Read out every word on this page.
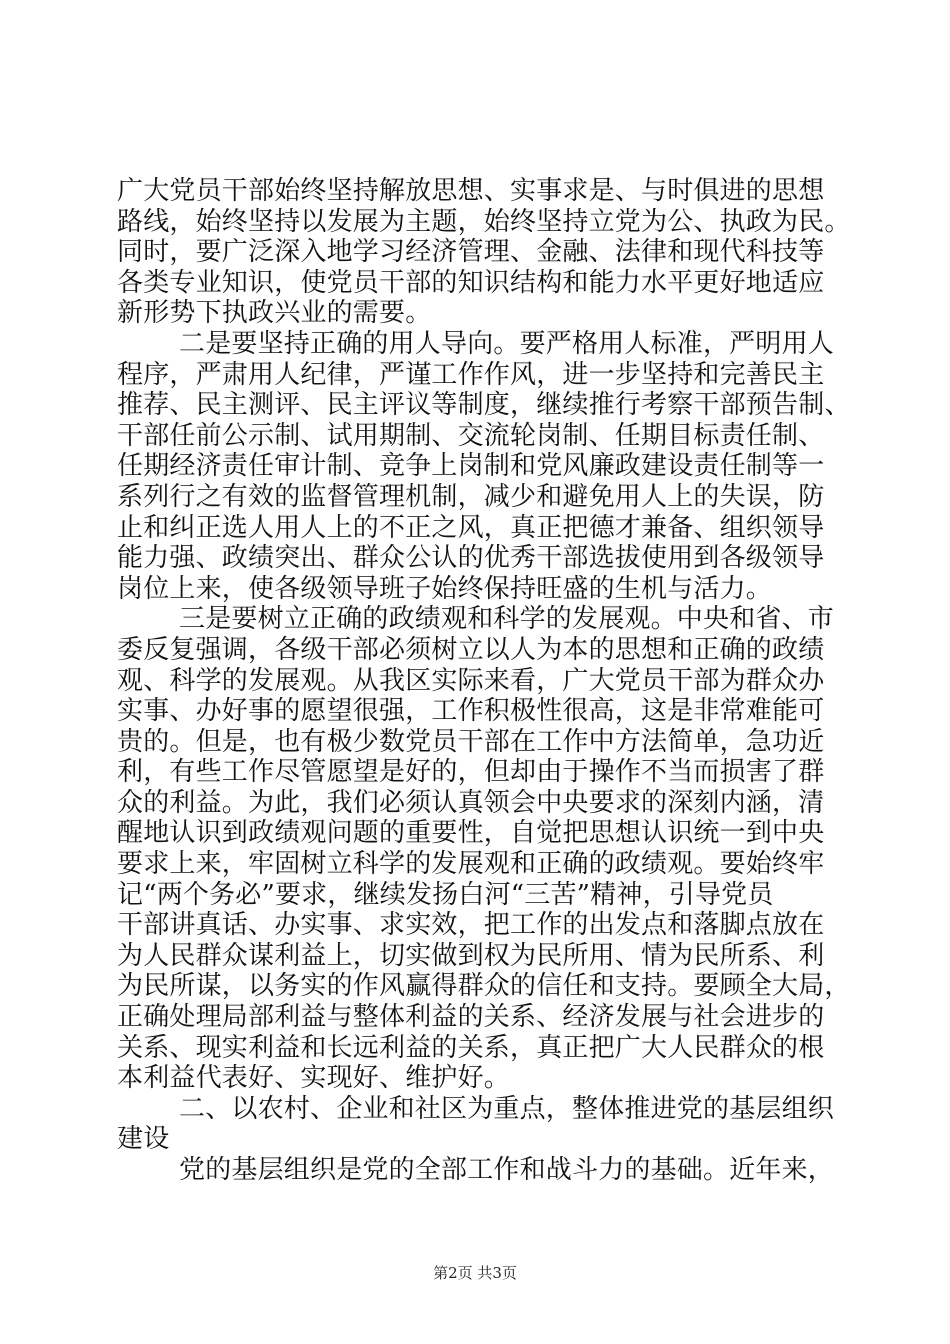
广大党员干部始终坚持解放思想、实事求是、与时俱进的思想
路线，始终坚持以发展为主题，始终坚持立党为公、执政为民。
同时，要广泛深入地学习经济管理、金融、法律和现代科技等
各类专业知识，使党员干部的知识结构和能力水平更好地适应
新形势下执政兴业的需要。
二是要坚持正确的用人导向。要严格用人标准，严明用人
程序，严肃用人纪律，严谨工作作风，进一步坚持和完善民主
推荐、民主测评、民主评议等制度，继续推行考察干部预告制、
干部任前公示制、试用期制、交流轮岗制、任期目标责任制、
任期经济责任审计制、竞争上岗制和党风廉政建设责任制等一
系列行之有效的监督管理机制，减少和避免用人上的失误，防
止和纠正选人用人上的不正之风，真正把德才兼备、组织领导
能力强、政绩突出、群众公认的优秀干部选拔使用到各级领导
岗位上来，使各级领导班子始终保持旺盛的生机与活力。
三是要树立正确的政绩观和科学的发展观。中央和省、市
委反复强调，各级干部必须树立以人为本的思想和正确的政绩
观、科学的发展观。从我区实际来看，广大党员干部为群众办
实事、办好事的愿望很强，工作积极性很高，这是非常难能可
贵的。但是，也有极少数党员干部在工作中方法简单，急功近
利，有些工作尽管愿望是好的，但却由于操作不当而损害了群
众的利益。为此，我们必须认真领会中央要求的深刻内涵，清
醒地认识到政绩观问题的重要性，自觉把思想认识统一到中央
要求上来，牢固树立科学的发展观和正确的政绩观。要始终牢
记“两个务必”要求，继续发扬白河“三苦”精神，引导党员
干部讲真话、办实事、求实效，把工作的出发点和落脚点放在
为人民群众谋利益上，切实做到权为民所用、情为民所系、利
为民所谋，以务实的作风赢得群众的信任和支持。要顾全大局，
正确处理局部利益与整体利益的关系、经济发展与社会进步的
关系、现实利益和长远利益的关系，真正把广大人民群众的根
本利益代表好、实现好、维护好。
二、以农村、企业和社区为重点，整体推进党的基层组织
建设
党的基层组织是党的全部工作和战斗力的基础。近年来，
第2页 共3页
